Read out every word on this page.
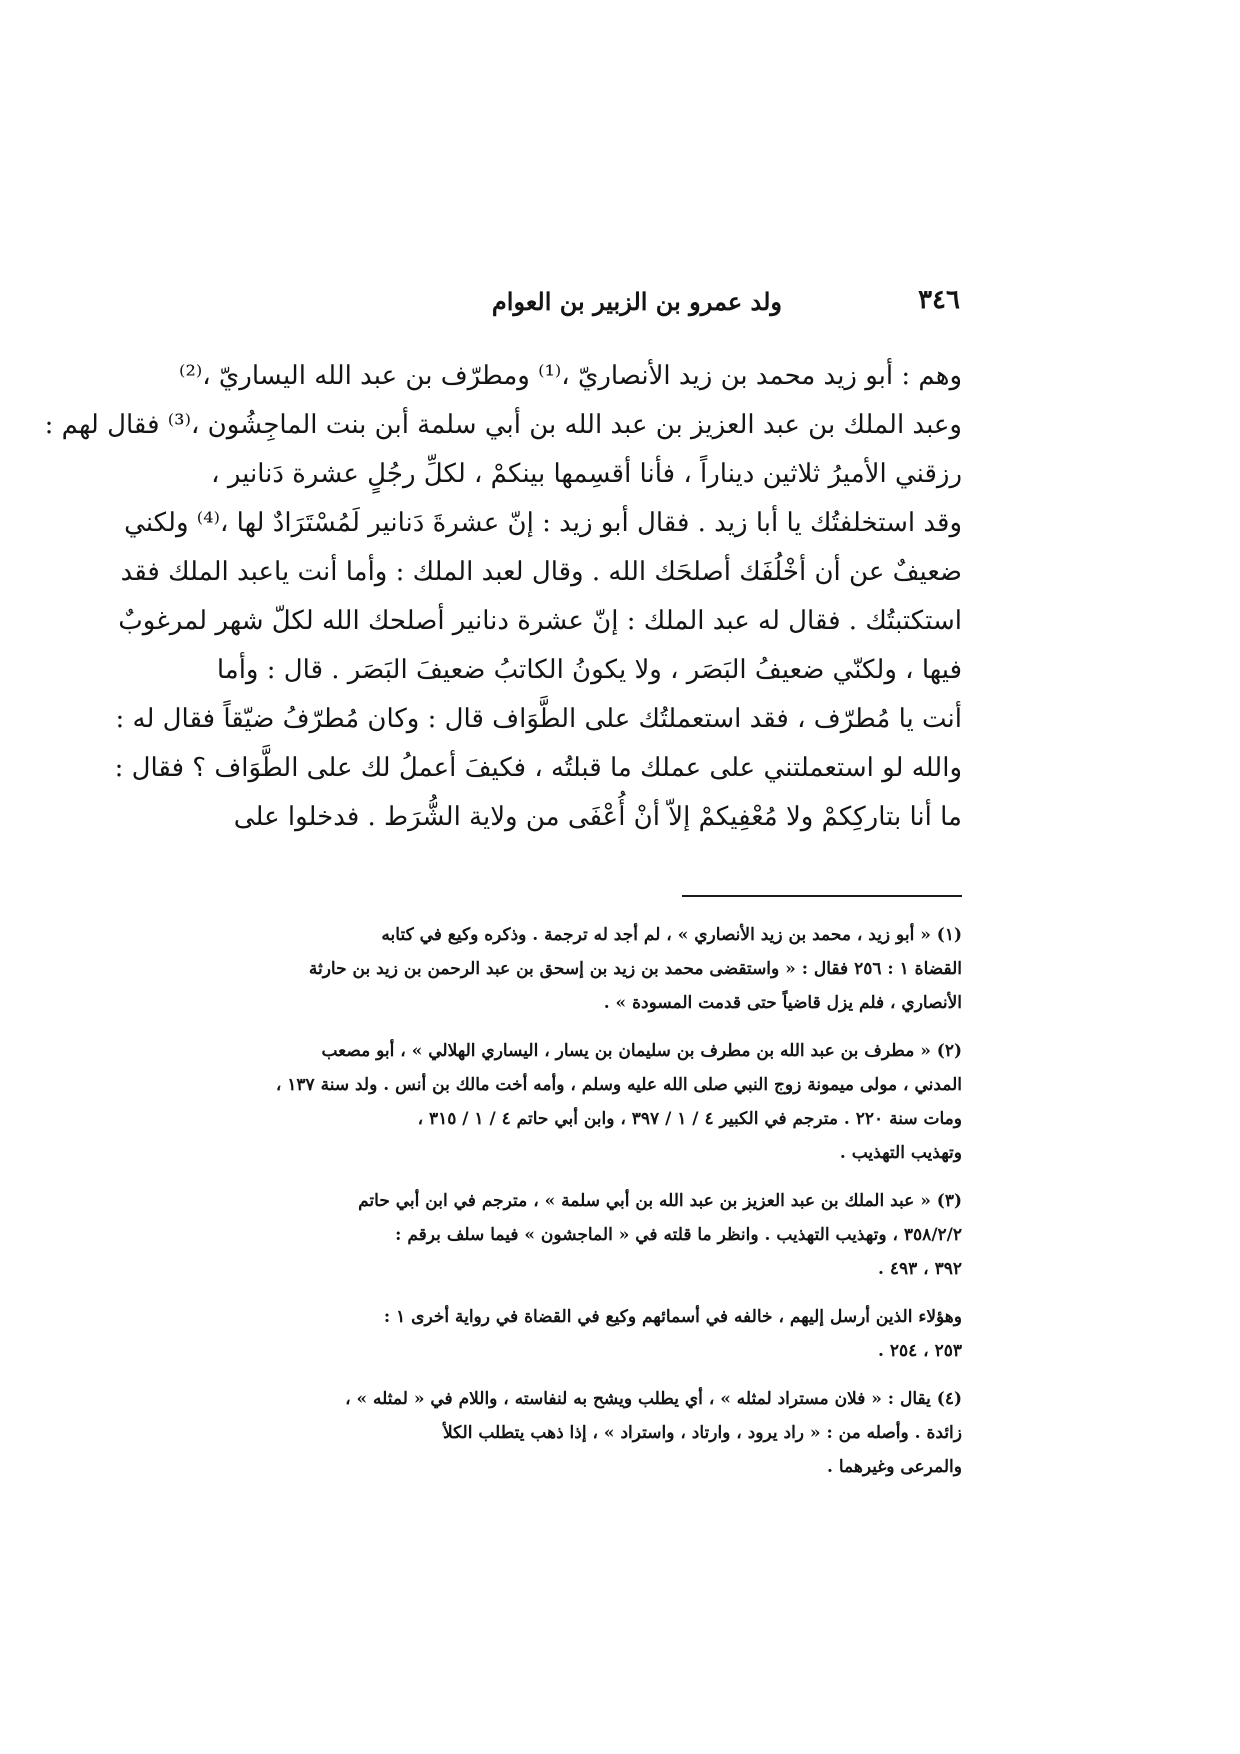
٣٤٦
ولد عمرو بن الزبير بن العوام
وهم : أبو زيد محمد بن زيد الأنصاريّ ،⁽¹⁾ ومطرّف بن عبد الله اليساريّ ،⁽²⁾
وعبد الملك بن عبد العزيز بن عبد الله بن أبي سلمة أبن بنت الماجِشُون ،⁽³⁾ فقال لهم :
رزقني الأميرُ ثلاثين ديناراً ، فأنا أقسِمها بينكمْ ، لكلِّ رجُلٍ عشرة دَنانير ،
وقد استخلفتُك يا أبا زيد . فقال أبو زيد : إنّ عشرةَ دَنانير لَمُسْتَرَادٌ لها ،⁽⁴⁾ ولكني
ضعيفٌ عن أن أخْلُفَك أصلحَك الله . وقال لعبد الملك : وأما أنت ياعبد الملك فقد
استكتبتُك . فقال له عبد الملك : إنّ عشرة دنانير أصلحك الله لكلّ شهر لمرغوبٌ
فيها ، ولكنّي ضعيفُ البَصَر ، ولا يكونُ الكاتبُ ضعيفَ البَصَر . قال : وأما
أنت يا مُطرّف ، فقد استعملتُك على الطَّوَاف قال : وكان مُطرّفُ ضيّقاً فقال له :
والله لو استعملتني على عملك ما قبلتُه ، فكيفَ أعملُ لك على الطَّوَاف ؟ فقال :
ما أنا بتاركِكمْ ولا مُعْفِيكمْ إلاّ أنْ أُعْفَى من ولاية الشُّرَط . فدخلوا على
(١) « أبو زيد ، محمد بن زيد الأنصاري » ، لم أجد له ترجمة . وذكره وكيع في كتابه
القضاة ١ : ٢٥٦ فقال : « واستقضى محمد بن زيد بن إسحق بن عبد الرحمن بن زيد بن حارثة
الأنصاري ، فلم يزل قاضياً حتى قدمت المسودة » .
(٢) « مطرف بن عبد الله بن مطرف بن سليمان بن يسار ، اليساري الهلالي » ، أبو مصعب
المدني ، مولى ميمونة زوج النبي صلى الله عليه وسلم ، وأمه أخت مالك بن أنس . ولد سنة ١٣٧ ،
ومات سنة ٢٢٠ . مترجم في الكبير ٤ / ١ / ٣٩٧ ، وابن أبي حاتم ٤ / ١ / ٣١٥ ،
وتهذيب التهذيب .
(٣) « عبد الملك بن عبد العزيز بن عبد الله بن أبي سلمة » ، مترجم في ابن أبي حاتم
٣٥٨/٢/٢ ، وتهذيب التهذيب . وانظر ما قلته في « الماجشون » فيما سلف برقم :
٣٩٢ ، ٤٩٣ .
وهؤلاء الذين أرسل إليهم ، خالفه في أسمائهم وكيع في القضاة في رواية أخرى ١ :
٢٥٣ ، ٢٥٤ .
(٤) يقال : « فلان مستراد لمثله » ، أي يطلب ويشح به لنفاسته ، واللام في « لمثله » ،
زائدة . وأصله من : « راد يرود ، وارتاد ، واستراد » ، إذا ذهب يتطلب الكلأ
والمرعى وغيرهما .
